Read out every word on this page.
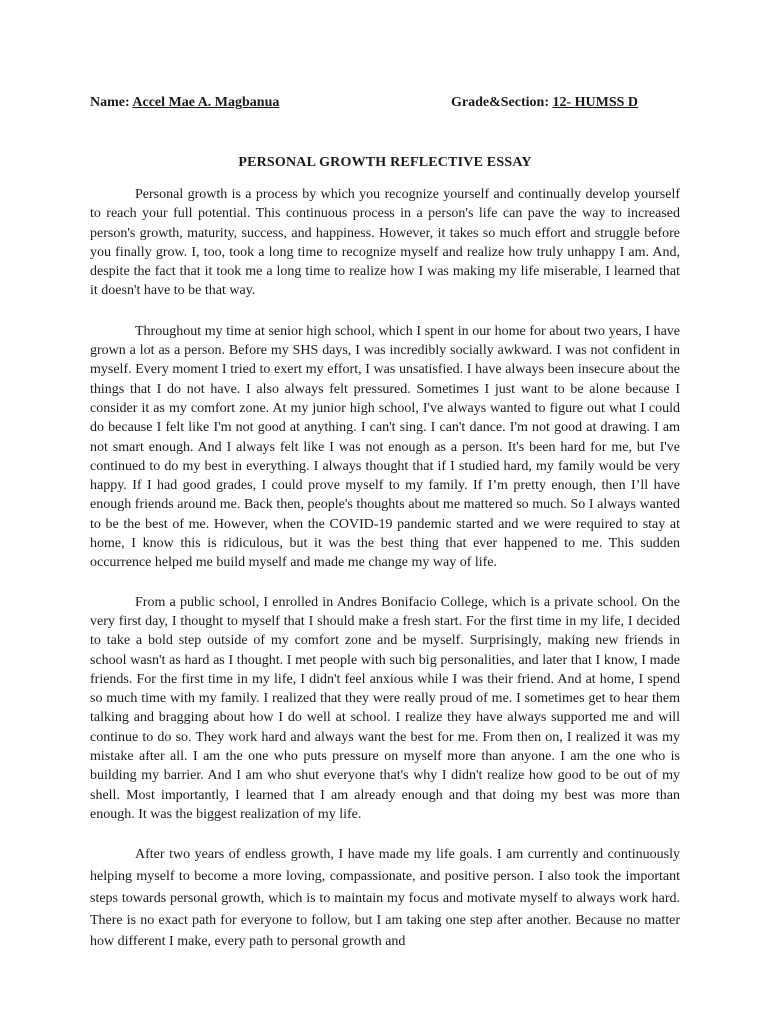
Name: Accel Mae A. Magbanua	Grade&Section: 12- HUMSS D
PERSONAL GROWTH REFLECTIVE ESSAY

Personal growth is a process by which you recognize yourself and continually develop yourself to reach your full potential. This continuous process in a person's life can pave the way to increased person's growth, maturity, success, and happiness. However, it takes so much effort and struggle before you finally grow. I, too, took a long time to recognize myself and realize how truly unhappy I am. And, despite the fact that it took me a long time to realize how I was making my life miserable, I learned that it doesn't have to be that way.

Throughout my time at senior high school, which I spent in our home for about two years, I have grown a lot as a person. Before my SHS days, I was incredibly socially awkward. I was not confident in myself. Every moment I tried to exert my effort, I was unsatisfied. I have always been insecure about the things that I do not have. I also always felt pressured. Sometimes I just want to be alone because I consider it as my comfort zone. At my junior high school, I've always wanted to figure out what I could do because I felt like I'm not good at anything. I can't sing. I can't dance. I'm not good at drawing. I am not smart enough. And I always felt like I was not enough as a person. It's been hard for me, but I've continued to do my best in everything. I always thought that if I studied hard, my family would be very happy. If I had good grades, I could prove myself to my family. If I’m pretty enough, then I’ll have enough friends around me. Back then, people's thoughts about me mattered so much. So I always wanted to be the best of me. However, when the COVID-19 pandemic started and we were required to stay at home, I know this is ridiculous, but it was the best thing that ever happened to me. This sudden occurrence helped me build myself and made me change my way of life.

From a public school, I enrolled in Andres Bonifacio College, which is a private school. On the very first day, I thought to myself that I should make a fresh start. For the first time in my life, I decided to take a bold step outside of my comfort zone and be myself. Surprisingly, making new friends in school wasn't as hard as I thought. I met people with such big personalities, and later that I know, I made friends. For the first time in my life, I didn't feel anxious while I was their friend. And at home, I spend so much time with my family. I realized that they were really proud of me. I sometimes get to hear them talking and bragging about how I do well at school. I realize they have always supported me and will continue to do so. They work hard and always want the best for me. From then on, I realized it was my mistake after all. I am the one who puts pressure on myself more than anyone. I am the one who is building my barrier. And I am who shut everyone that's why I didn't realize how good to be out of my shell. Most importantly, I learned that I am already enough and that doing my best was more than enough. It was the biggest realization of my life.

After two years of endless growth, I have made my life goals. I am currently and continuously helping myself to become a more loving, compassionate, and positive person. I also took the important steps towards personal growth, which is to maintain my focus and motivate myself to always work hard. There is no exact path for everyone to follow, but I am taking one step after another. Because no matter how different I make, every path to personal growth and
